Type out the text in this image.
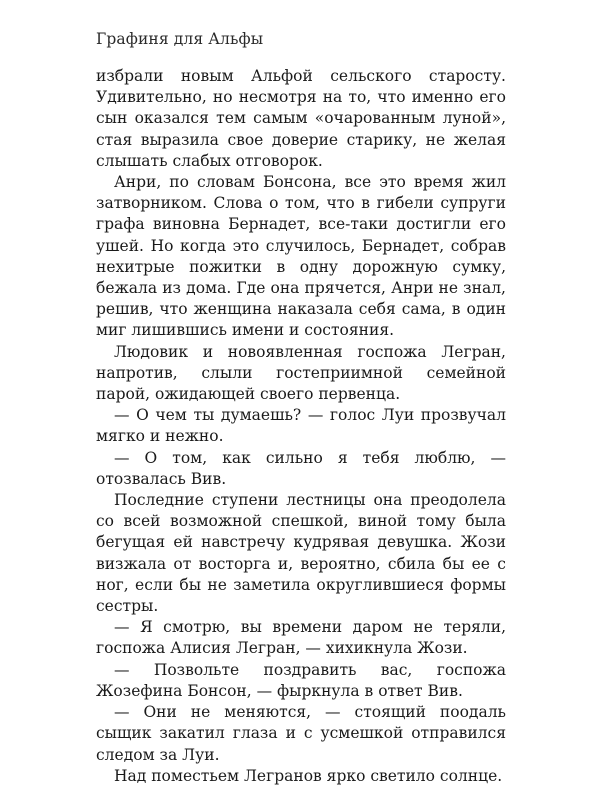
Графиня для Альфы

избрали новым Альфой сельского старосту. Удивительно, но несмотря на то, что именно его сын оказался тем самым «очарованным луной», стая выразила свое доверие старику, не желая слышать слабых отговорок.

Анри, по словам Бонсона, все это время жил затворником. Слова о том, что в гибели супруги графа виновна Бернадет, все-таки достигли его ушей. Но когда это случилось, Бернадет, собрав нехитрые пожитки в одну дорожную сумку, бежала из дома. Где она прячется, Анри не знал, решив, что женщина наказала себя сама, в один миг лишившись имени и состояния.

Людовик и новоявленная госпожа Легран, напротив, слыли гостеприимной семейной парой, ожидающей своего первенца.

— О чем ты думаешь? — голос Луи прозвучал мягко и нежно.

— О том, как сильно я тебя люблю, — отозвалась Вив.

Последние ступени лестницы она преодолела со всей возможной спешкой, виной тому была бегущая ей навстречу кудрявая девушка. Жози визжала от восторга и, вероятно, сбила бы ее с ног, если бы не заметила округлившиеся формы сестры.

— Я смотрю, вы времени даром не теряли, госпожа Алисия Легран, — хихикнула Жози.

— Позвольте поздравить вас, госпожа Жозефина Бонсон, — фыркнула в ответ Вив.

— Они не меняются, — стоящий поодаль сыщик закатил глаза и с усмешкой отправился следом за Луи.

Над поместьем Легранов ярко светило солнце.
